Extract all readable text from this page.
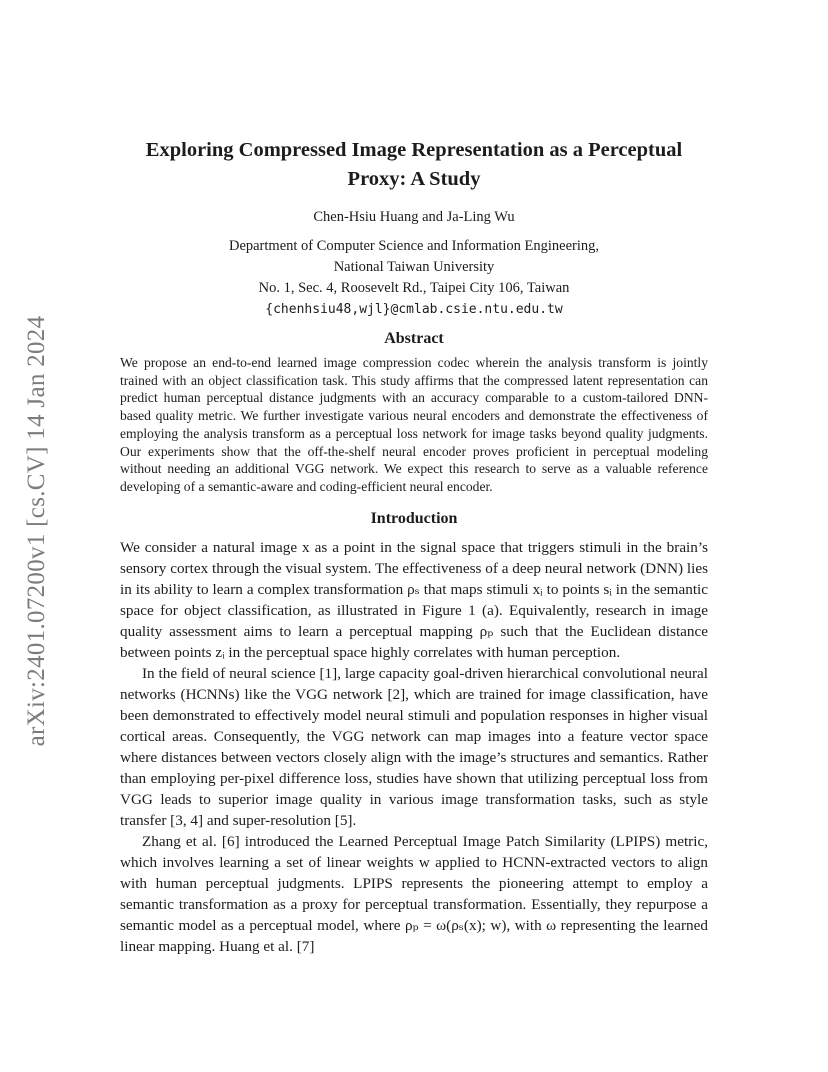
arXiv:2401.07200v1 [cs.CV] 14 Jan 2024
Exploring Compressed Image Representation as a Perceptual
Proxy: A Study
Chen-Hsiu Huang and Ja-Ling Wu
Department of Computer Science and Information Engineering,
National Taiwan University
No. 1, Sec. 4, Roosevelt Rd., Taipei City 106, Taiwan
{chenhsiu48,wjl}@cmlab.csie.ntu.edu.tw
Abstract

We propose an end-to-end learned image compression codec wherein the analysis transform is jointly trained with an object classification task. This study affirms that the compressed latent representation can predict human perceptual distance judgments with an accuracy comparable to a custom-tailored DNN-based quality metric. We further investigate various neural encoders and demonstrate the effectiveness of employing the analysis transform as a perceptual loss network for image tasks beyond quality judgments. Our experiments show that the off-the-shelf neural encoder proves proficient in perceptual modeling without needing an additional VGG network. We expect this research to serve as a valuable reference developing of a semantic-aware and coding-efficient neural encoder.

Introduction

We consider a natural image x as a point in the signal space that triggers stimuli in the brain’s sensory cortex through the visual system. The effectiveness of a deep neural network (DNN) lies in its ability to learn a complex transformation ρₛ that maps stimuli xᵢ to points sᵢ in the semantic space for object classification, as illustrated in Figure 1 (a). Equivalently, research in image quality assessment aims to learn a perceptual mapping ρₚ such that the Euclidean distance between points zᵢ in the perceptual space highly correlates with human perception.

In the field of neural science [1], large capacity goal-driven hierarchical convolutional neural networks (HCNNs) like the VGG network [2], which are trained for image classification, have been demonstrated to effectively model neural stimuli and population responses in higher visual cortical areas. Consequently, the VGG network can map images into a feature vector space where distances between vectors closely align with the image’s structures and semantics. Rather than employing per-pixel difference loss, studies have shown that utilizing perceptual loss from VGG leads to superior image quality in various image transformation tasks, such as style transfer [3, 4] and super-resolution [5].

Zhang et al. [6] introduced the Learned Perceptual Image Patch Similarity (LPIPS) metric, which involves learning a set of linear weights w applied to HCNN-extracted vectors to align with human perceptual judgments. LPIPS represents the pioneering attempt to employ a semantic transformation as a proxy for perceptual transformation. Essentially, they repurpose a semantic model as a perceptual model, where ρₚ = ω(ρₛ(x); w), with ω representing the learned linear mapping. Huang et al. [7]
